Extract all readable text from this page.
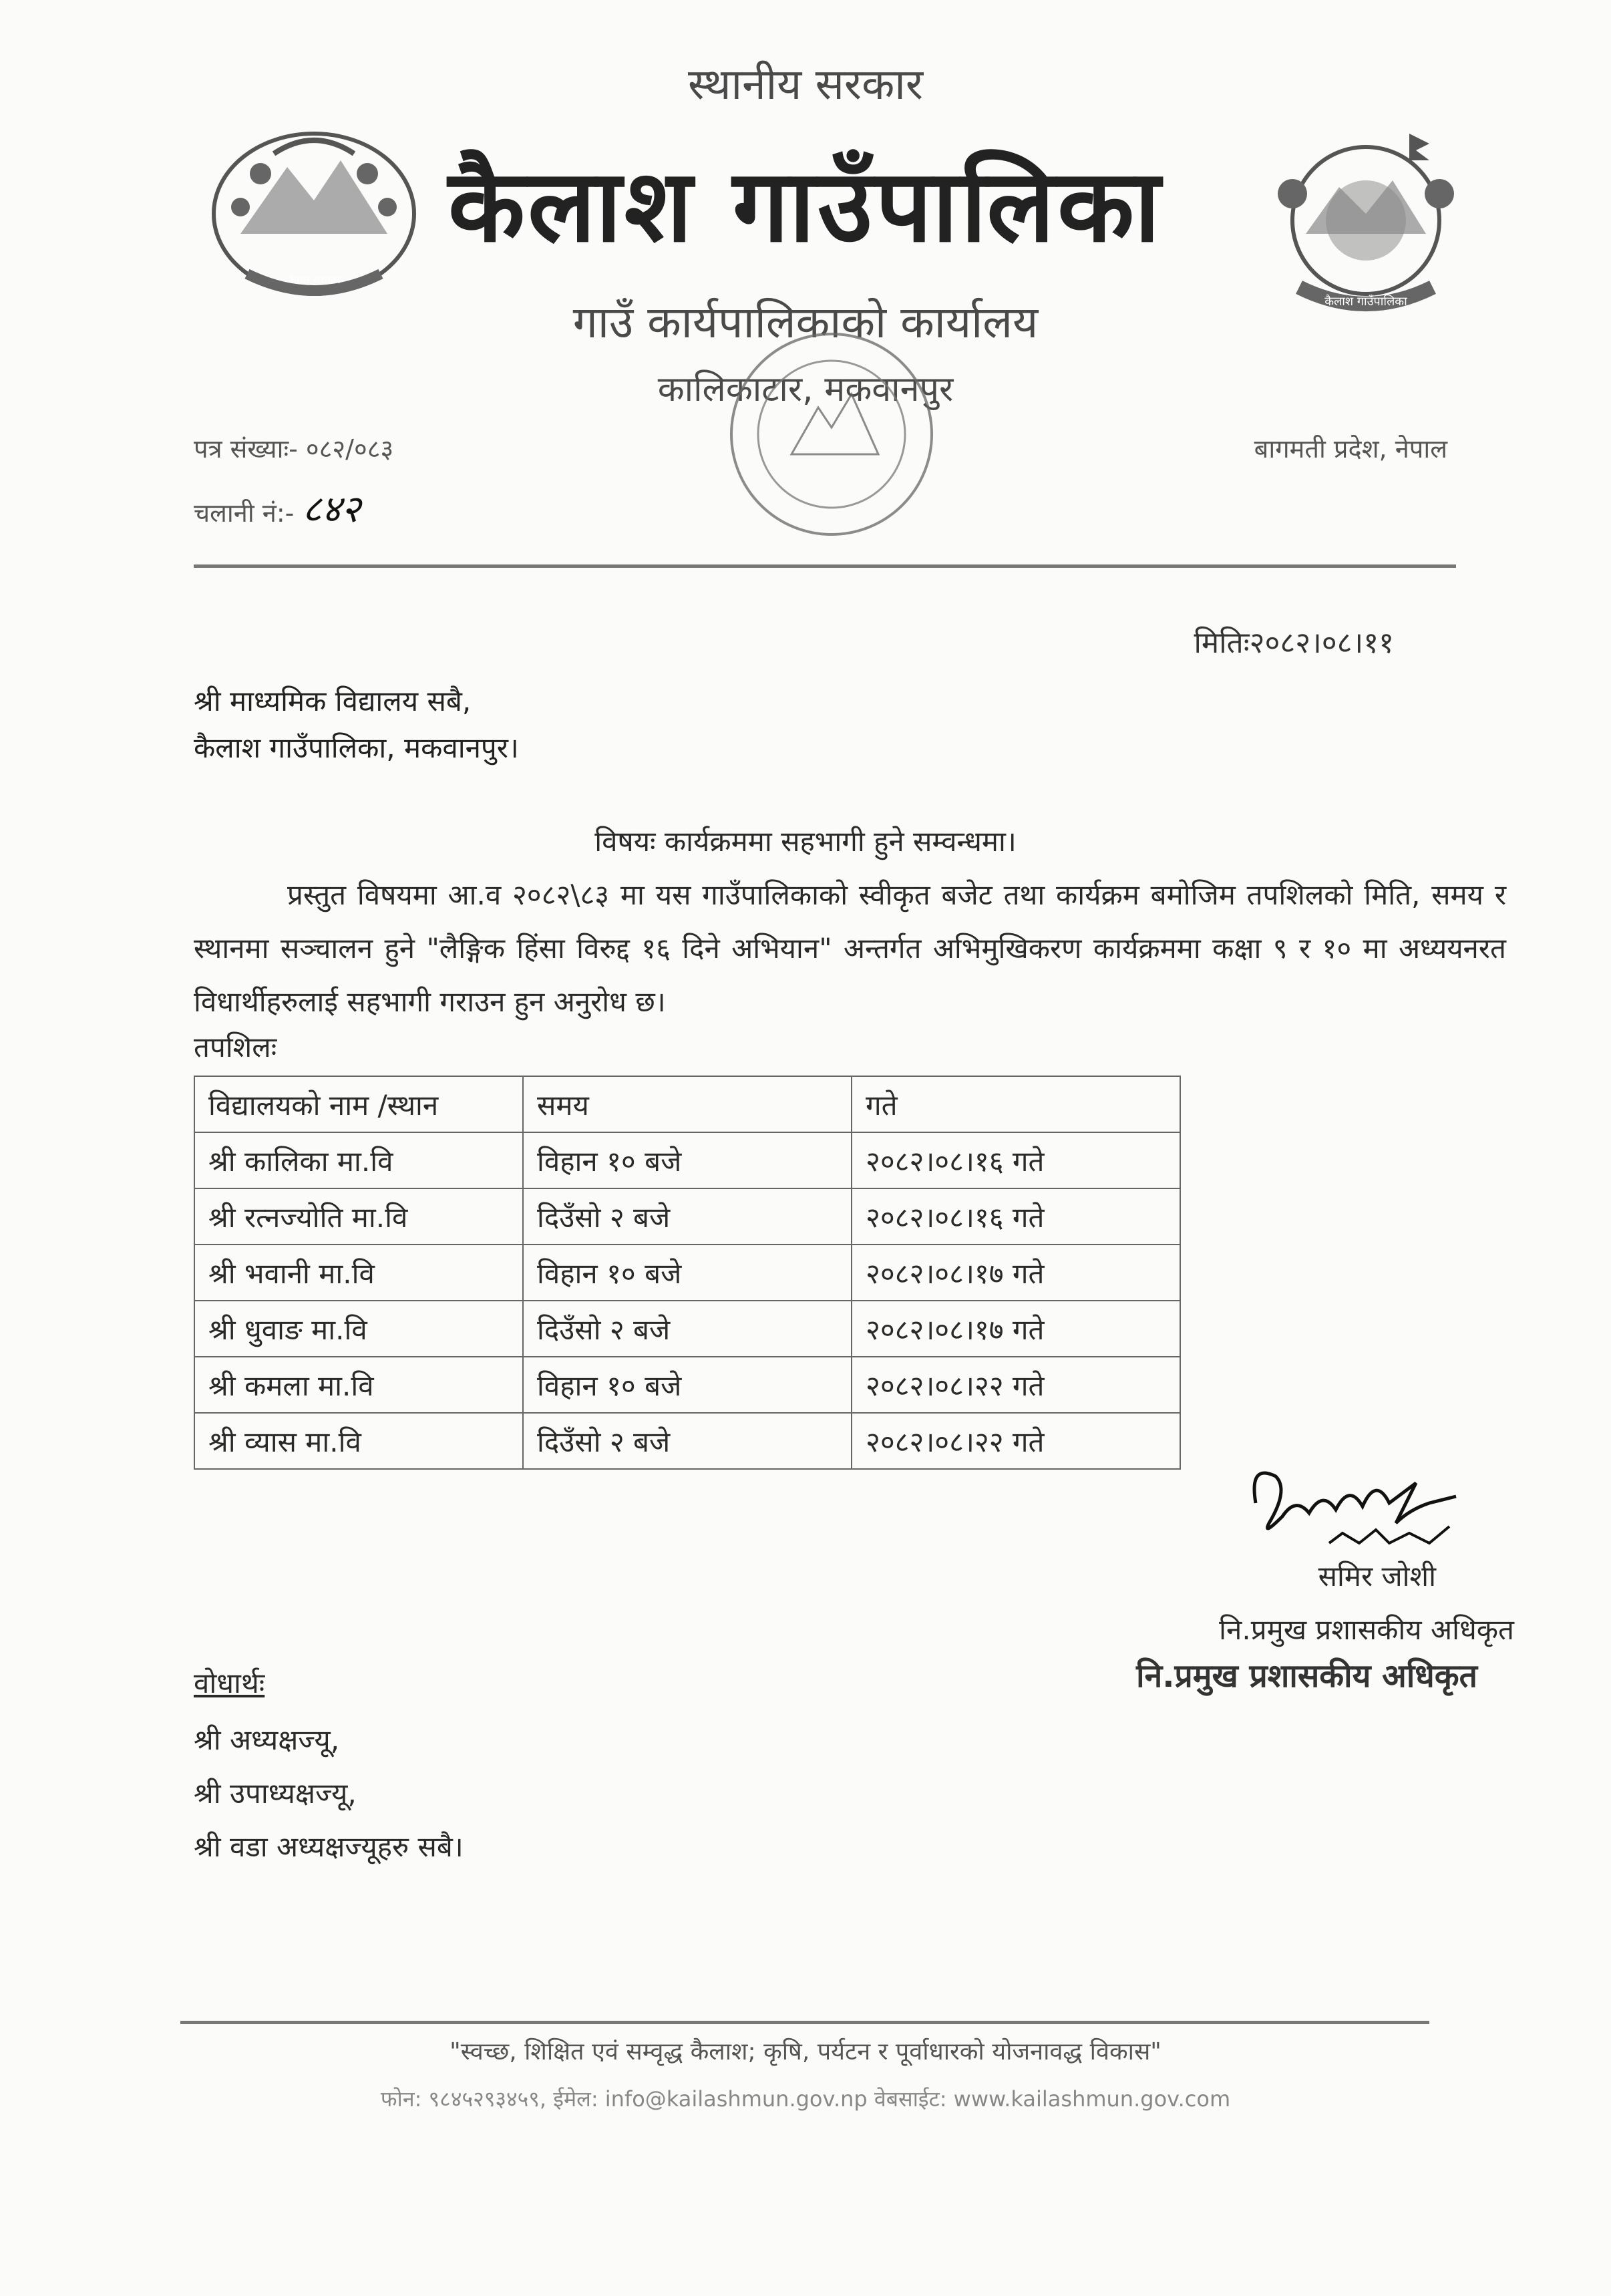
स्थानीय सरकार
नेपाल सरकार
कैलाश गाउँपालिका
कैलाश गाउँपालिका
गाउँ कार्यपालिकाको कार्यालय
कालिकाटार, मकवानपुर
पत्र संख्याः- ०८२/०८३
चलानी नं:- ८४२
बागमती प्रदेश, नेपाल
मितिः२०८२।०८।११
श्री माध्यमिक विद्यालय सबै,
कैलाश गाउँपालिका, मकवानपुर।
विषयः कार्यक्रममा सहभागी हुने सम्वन्धमा।
प्रस्तुत विषयमा आ.व २०८२\८३ मा यस गाउँपालिकाको स्वीकृत बजेट तथा कार्यक्रम बमोजिम तपशिलको मिति, समय र स्थानमा सञ्चालन हुने "लैङ्गिक हिंसा विरुद्द १६ दिने अभियान" अन्तर्गत अभिमुखिकरण कार्यक्रममा कक्षा ९ र १० मा अध्ययनरत विधार्थीहरुलाई सहभागी गराउन हुन अनुरोध छ।
तपशिलः
विद्यालयको नाम /स्थान	समय	गते
श्री कालिका मा.वि	विहान १० बजे	२०८२।०८।१६ गते
श्री रत्नज्योति मा.वि	दिउँसो २ बजे	२०८२।०८।१६ गते
श्री भवानी मा.वि	विहान १० बजे	२०८२।०८।१७ गते
श्री धुवाङ मा.वि	दिउँसो २ बजे	२०८२।०८।१७ गते
श्री कमला मा.वि	विहान १० बजे	२०८२।०८।२२ गते
श्री व्यास मा.वि	दिउँसो २ बजे	२०८२।०८।२२ गते
समिर जोशी
नि.प्रमुख प्रशासकीय अधिकृत
नि.प्रमुख प्रशासकीय अधिकृत
वोधार्थः
श्री अध्यक्षज्यू,
श्री उपाध्यक्षज्यू,
श्री वडा अध्यक्षज्यूहरु सबै।
"स्वच्छ, शिक्षित एवं सम्वृद्ध कैलाश; कृषि, पर्यटन र पूर्वाधारको योजनावद्ध विकास"
फोन: ९८४५२९३४५९, ईमेल: info@kailashmun.gov.np वेबसाईट: www.kailashmun.gov.com
